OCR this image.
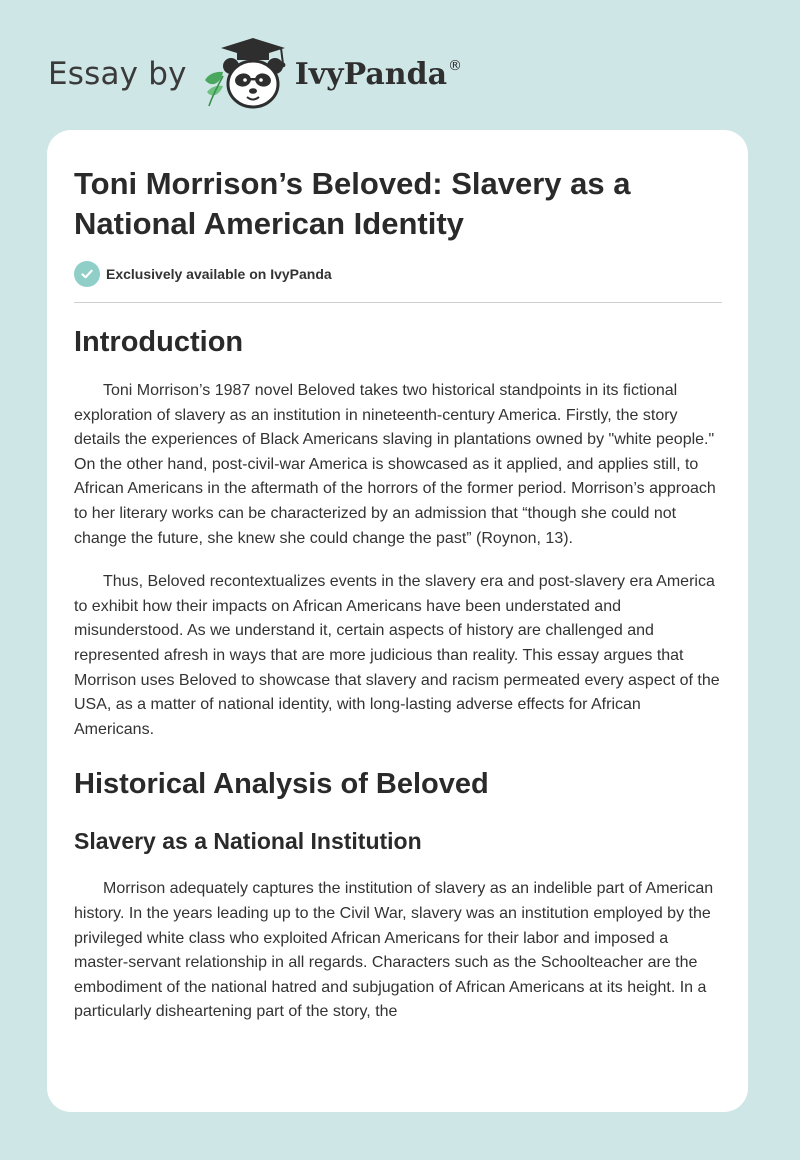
Essay by	IvyPanda®
Toni Morrison’s Beloved: Slavery as a National American Identity
Exclusively available on IvyPanda
Introduction

Toni Morrison’s 1987 novel Beloved takes two historical standpoints in its fictional exploration of slavery as an institution in nineteenth-century America. Firstly, the story details the experiences of Black Americans slaving in plantations owned by "white people." On the other hand, post-civil-war America is showcased as it applied, and applies still, to African Americans in the aftermath of the horrors of the former period. Morrison’s approach to her literary works can be characterized by an admission that “though she could not change the future, she knew she could change the past” (Roynon, 13).

Thus, Beloved recontextualizes events in the slavery era and post-slavery era America to exhibit how their impacts on African Americans have been understated and misunderstood. As we understand it, certain aspects of history are challenged and represented afresh in ways that are more judicious than reality. This essay argues that Morrison uses Beloved to showcase that slavery and racism permeated every aspect of the USA, as a matter of national identity, with long-lasting adverse effects for African Americans.

Historical Analysis of Beloved
Slavery as a National Institution

Morrison adequately captures the institution of slavery as an indelible part of American history. In the years leading up to the Civil War, slavery was an institution employed by the privileged white class who exploited African Americans for their labor and imposed a master-servant relationship in all regards. Characters such as the Schoolteacher are the embodiment of the national hatred and subjugation of African Americans at its height. In a particularly disheartening part of the story, the
